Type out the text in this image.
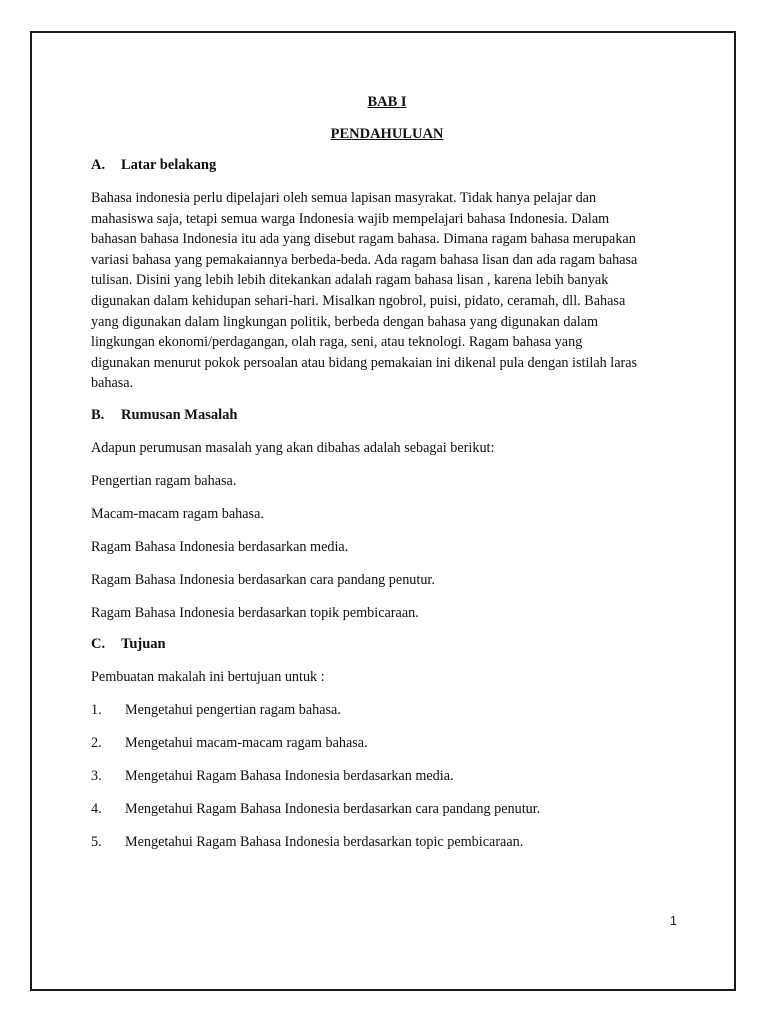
BAB I

PENDAHULUAN

A.	Latar belakang

Bahasa indonesia perlu dipelajari oleh semua lapisan masyrakat. Tidak hanya pelajar dan
mahasiswa saja, tetapi semua warga Indonesia wajib mempelajari bahasa Indonesia. Dalam
bahasan bahasa Indonesia itu ada yang disebut ragam bahasa. Dimana ragam bahasa merupakan
variasi bahasa yang pemakaiannya berbeda-beda. Ada ragam bahasa lisan dan ada ragam bahasa
tulisan. Disini yang lebih lebih ditekankan adalah ragam bahasa lisan , karena lebih banyak
digunakan dalam kehidupan sehari-hari. Misalkan ngobrol, puisi, pidato, ceramah, dll. Bahasa
yang digunakan dalam lingkungan politik, berbeda dengan bahasa yang digunakan dalam
lingkungan ekonomi/perdagangan, olah raga, seni, atau teknologi. Ragam bahasa yang
digunakan menurut pokok persoalan atau bidang pemakaian ini dikenal pula dengan istilah laras
bahasa.

B.	Rumusan Masalah

Adapun perumusan masalah yang akan dibahas adalah sebagai berikut:

Pengertian ragam bahasa.

Macam-macam ragam bahasa.

Ragam Bahasa Indonesia berdasarkan media.

Ragam Bahasa Indonesia berdasarkan cara pandang penutur.

Ragam Bahasa Indonesia berdasarkan topik pembicaraan.

C.	Tujuan

Pembuatan makalah ini bertujuan untuk :

1.	Mengetahui pengertian ragam bahasa.
2.	Mengetahui macam-macam ragam bahasa.
3.	Mengetahui Ragam Bahasa Indonesia berdasarkan media.
4.	Mengetahui Ragam Bahasa Indonesia berdasarkan cara pandang penutur.
5.	Mengetahui Ragam Bahasa Indonesia berdasarkan topic pembicaraan.
1
